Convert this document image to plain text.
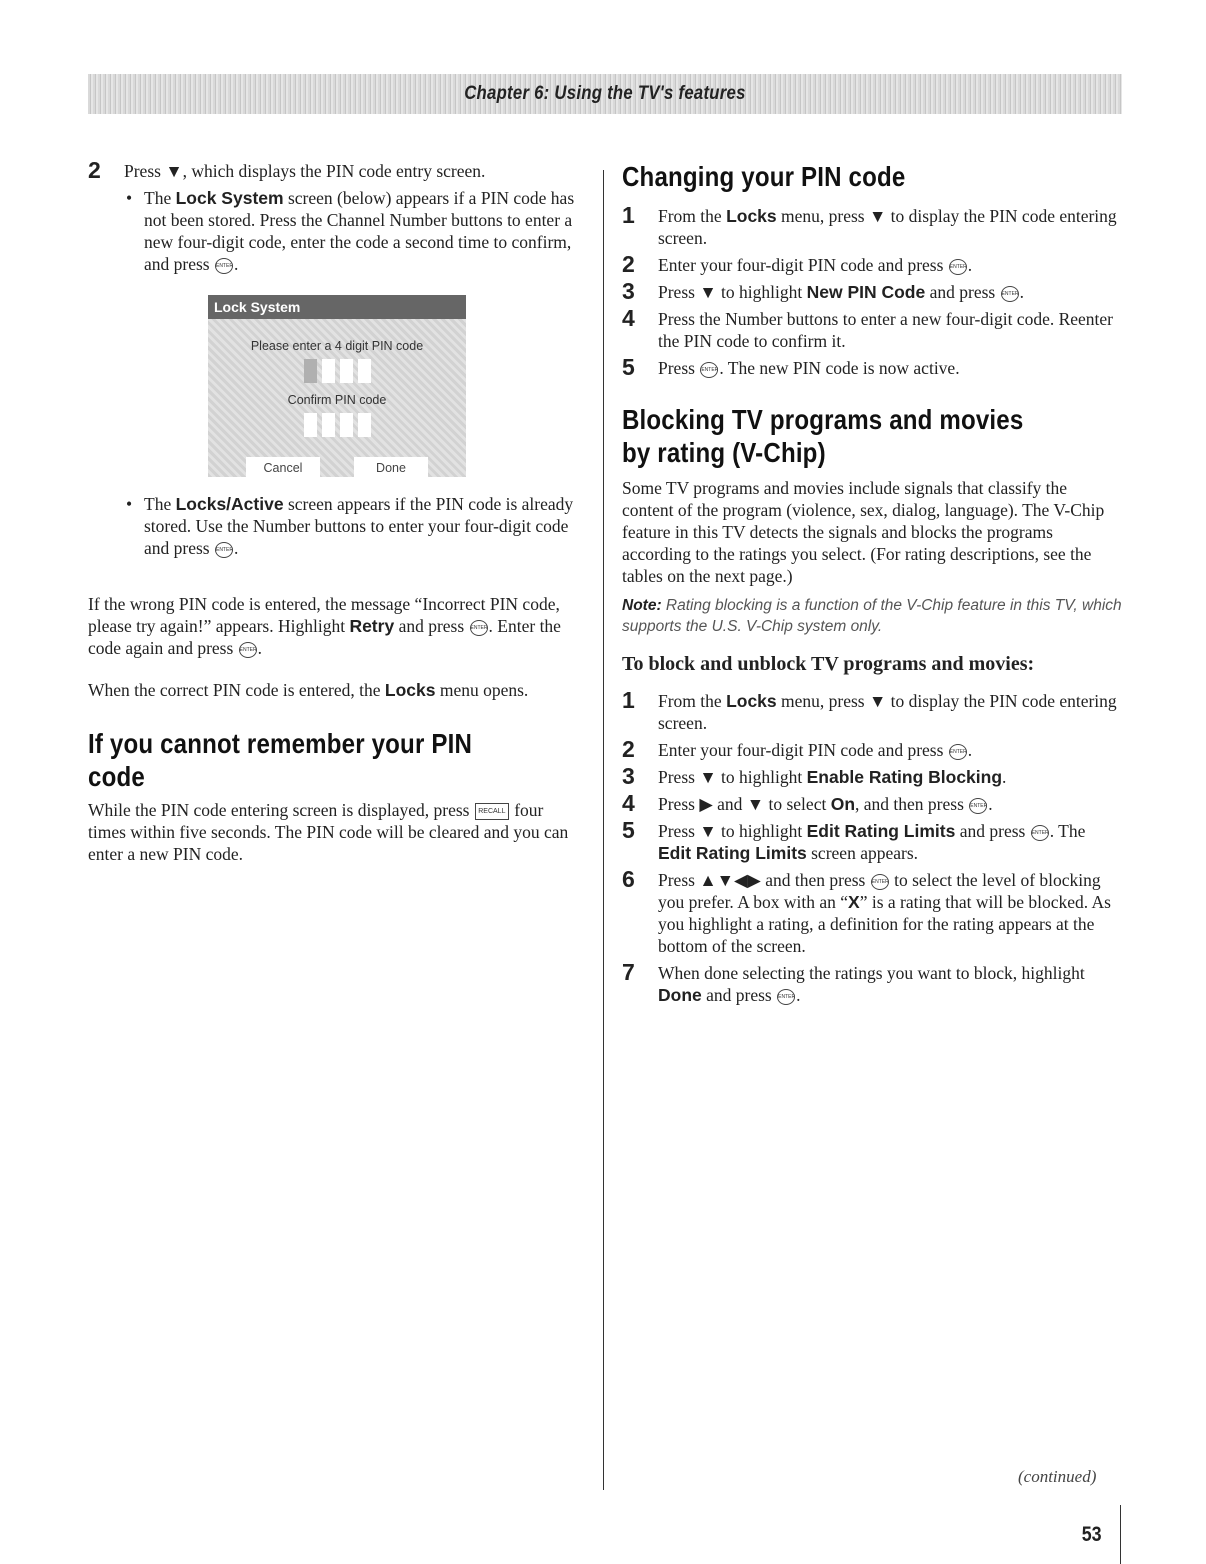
Chapter 6: Using the TV's features
2 Press ▼, which displays the PIN code entry screen.
• The Lock System screen (below) appears if a PIN code has not been stored. Press the Channel Number buttons to enter a new four-digit code, enter the code a second time to confirm, and press ENTER.
• The Locks/Active screen appears if the PIN code is already stored. Use the Number buttons to enter your four-digit code and press ENTER.

If the wrong PIN code is entered, the message “Incorrect PIN code, please try again!” appears. Highlight Retry and press ENTER. Enter the code again and press ENTER.

When the correct PIN code is entered, the Locks menu opens.

If you cannot remember your PIN code

While the PIN code entering screen is displayed, press RECALL four times within five seconds. The PIN code will be cleared and you can enter a new PIN code.

Lock System
Please enter a 4 digit PIN code
Confirm PIN code
Cancel	Done
Changing your PIN code
1 From the Locks menu, press ▼ to display the PIN code entering screen.
2 Enter your four-digit PIN code and press ENTER.
3 Press ▼ to highlight New PIN Code and press ENTER.
4 Press the Number buttons to enter a new four-digit code. Reenter the PIN code to confirm it.
5 Press ENTER. The new PIN code is now active.
Blocking TV programs and movies
by rating (V-Chip)

Some TV programs and movies include signals that classify the content of the program (violence, sex, dialog, language). The V-Chip feature in this TV detects the signals and blocks the programs according to the ratings you select. (For rating descriptions, see the tables on the next page.)

Note: Rating blocking is a function of the V-Chip feature in this TV, which supports the U.S. V-Chip system only.

To block and unblock TV programs and movies:
1 From the Locks menu, press ▼ to display the PIN code entering screen.
2 Enter your four-digit PIN code and press ENTER.
3 Press ▼ to highlight Enable Rating Blocking.
4 Press ▶ and ▼ to select On, and then press ENTER.
5 Press ▼ to highlight Edit Rating Limits and press ENTER. The Edit Rating Limits screen appears.
6 Press ▲▼◀▶ and then press ENTER to select the level of blocking you prefer. A box with an “X” is a rating that will be blocked. As you highlight a rating, a definition for the rating appears at the bottom of the screen.
7 When done selecting the ratings you want to block, highlight Done and press ENTER.
(continued)
53
